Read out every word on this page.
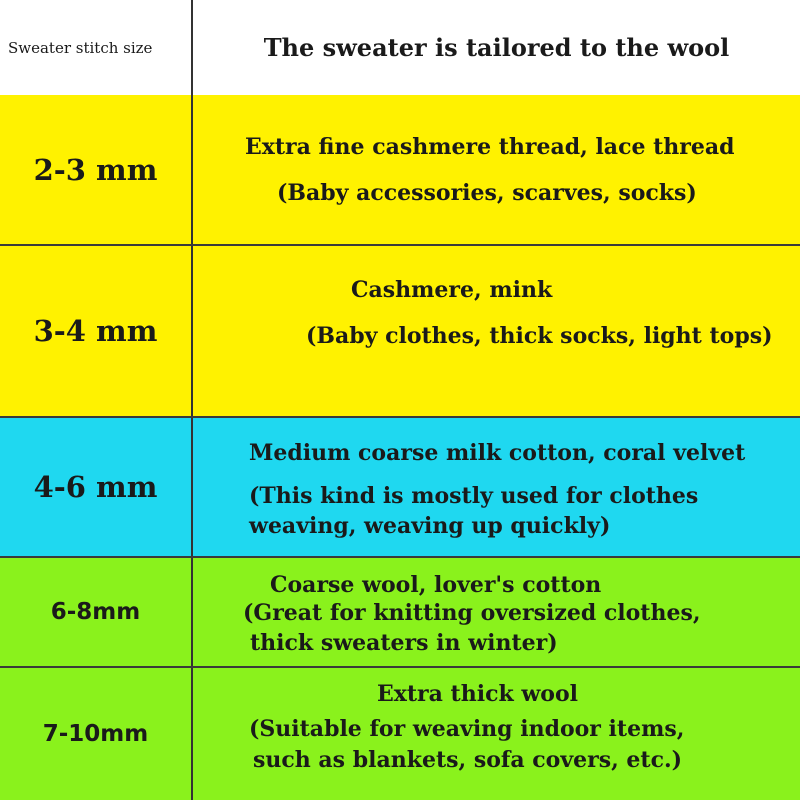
Sweater stitch size	The sweater is tailored to the wool
2-3 mm
Extra fine cashmere thread, lace thread
(Baby accessories, scarves, socks)
3-4 mm
Cashmere, mink
(Baby clothes, thick socks, light tops)
4-6 mm
Medium coarse milk cotton, coral velvet
(This kind is mostly used for clothes
weaving, weaving up quickly)
6-8mm
Coarse wool, lover's cotton
(Great for knitting oversized clothes,
thick sweaters in winter)
7-10mm
Extra thick wool
(Suitable for weaving indoor items,
such as blankets, sofa covers, etc.)
